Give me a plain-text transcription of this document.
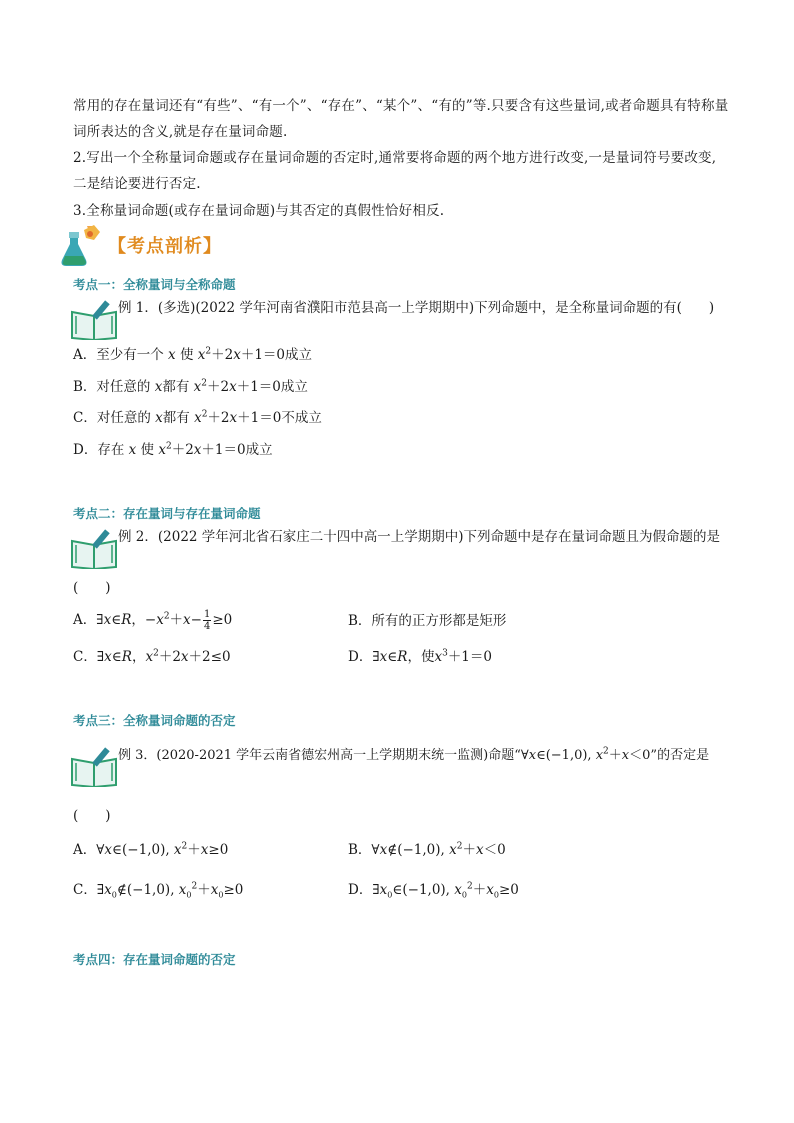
常用的存在量词还有“有些”、“有一个”、“存在”、“某个”、“有的”等.只要含有这些量词,或者命题具有特称量
词所表达的含义,就是存在量词命题.
2.写出一个全称量词命题或存在量词命题的否定时,通常要将命题的两个地方进行改变,一是量词符号要改变,
二是结论要进行否定.
3.全称量词命题(或存在量词命题)与其否定的真假性恰好相反.
【考点剖析】
考点一：全称量词与全称命题
例 1．(多选)(2022 学年河南省濮阳市范县高一上学期期中)下列命题中，是全称量词命题的有(　　)
A．至少有一个 x 使 $x^2+2x+1=0$成立
B．对任意的 x都有 $x^2+2x+1=0$成立
C．对任意的 x都有 $x^2+2x+1=0$不成立
D．存在 x 使 $x^2+2x+1=0$成立
考点二：存在量词与存在量词命题
例 2．(2022 学年河北省石家庄二十四中高一上学期期中)下列命题中是存在量词命题且为假命题的是
(　　)
A．∃x∈R，$-x^2+x- \frac{1}{4} \ge 0$	B．所有的正方形都是矩形
C．∃x∈R，$x^2+2x+2\le 0$	D．∃x∈R，使$x^3+1=0$
考点三：全称量词命题的否定
例 3．(2020-2021 学年云南省德宏州高一上学期期末统一监测)命题“∀x∈(−1,0), $x^2+x<0$”的否定是
(　　)
A．∀x∈(−1,0), $x^2+x\ge 0$	B．∀x∉(−1,0), $x^2+x<0$
C．$\exists x_0\notin(-1,0)$, $x_0^2+x_0\ge 0$	D．$\exists x_0\in(-1,0)$, $x_0^2+x_0\ge 0$
考点四：存在量词命题的否定
